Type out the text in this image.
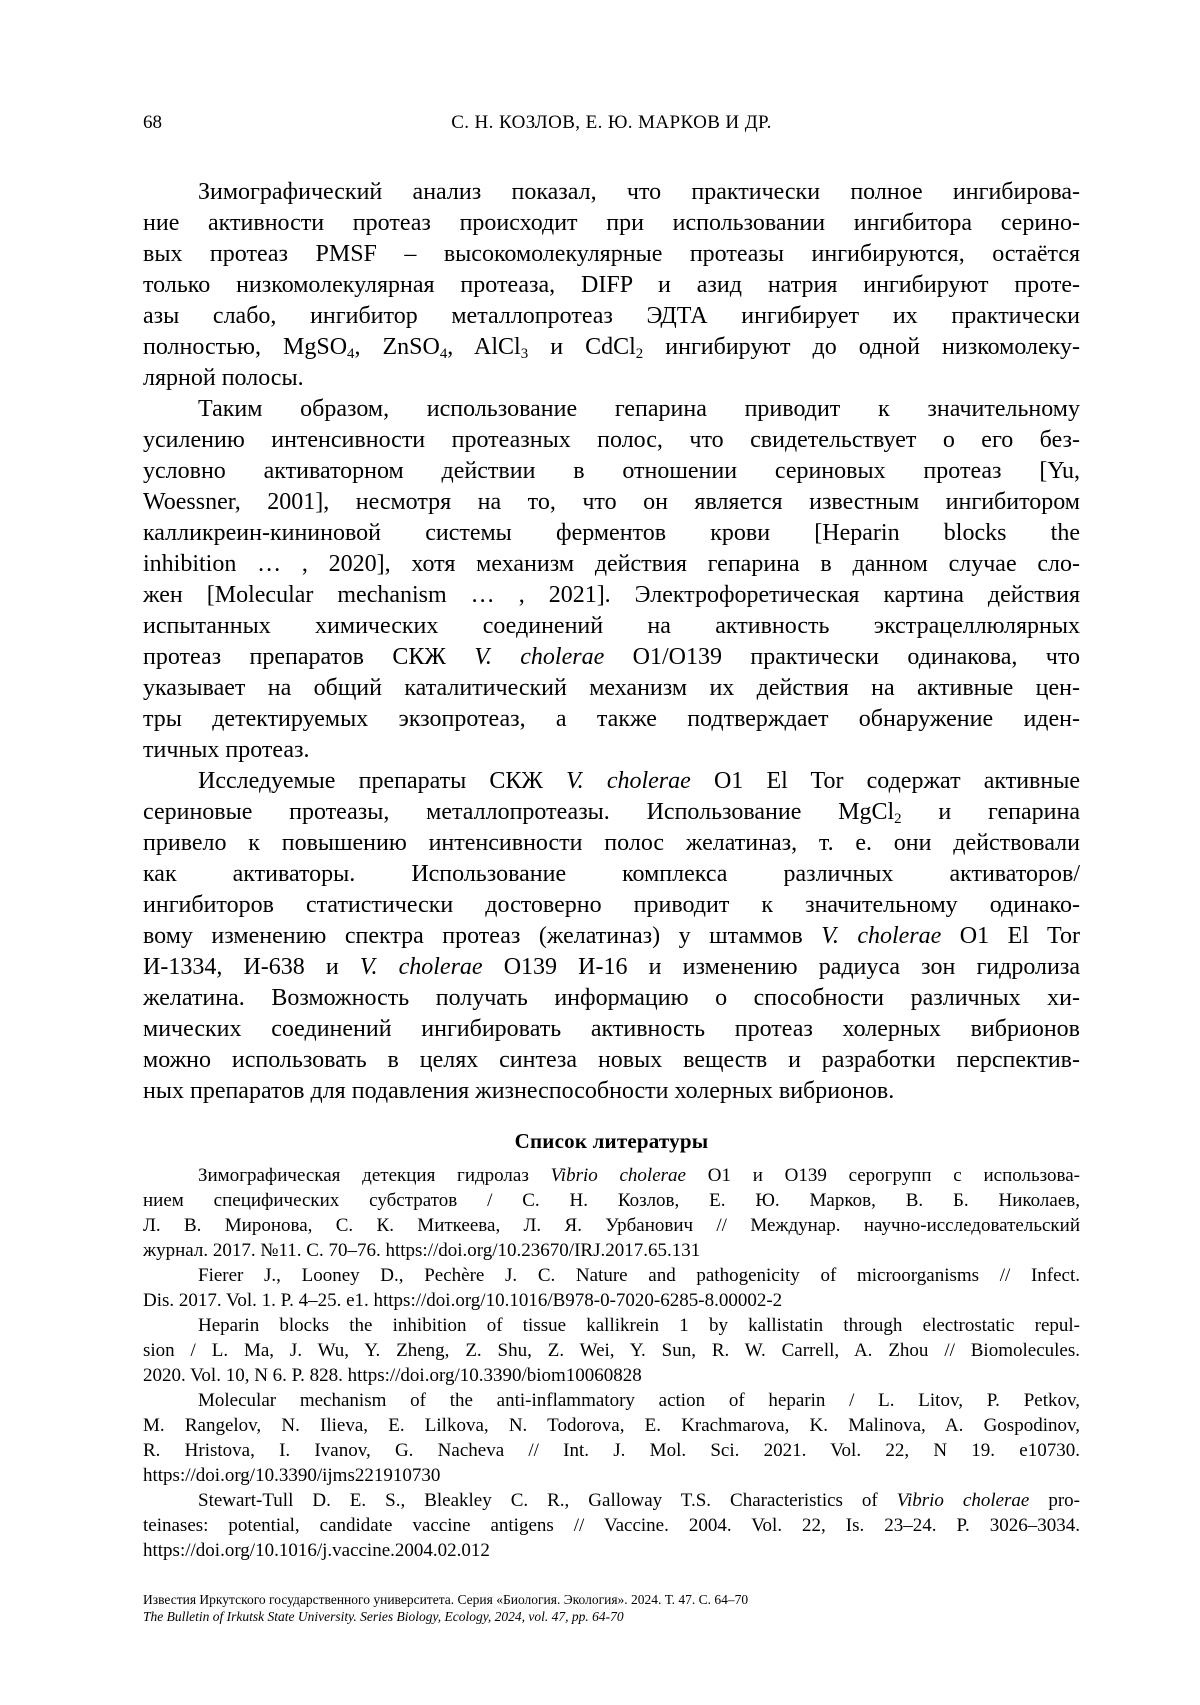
68	С. Н. КОЗЛОВ, Е. Ю. МАРКОВ И ДР.
Зимографический анализ показал, что практически полное ингибирова-
ние активности протеаз происходит при использовании ингибитора серино-
вых протеаз PMSF – высокомолекулярные протеазы ингибируются, остаётся
только низкомолекулярная протеаза, DIFP и азид натрия ингибируют проте-
азы слабо, ингибитор металлопротеаз ЭДТА ингибирует их практически
полностью, MgSO4, ZnSO4, AlCl3 и CdCl2 ингибируют до одной низкомолеку-
лярной полосы.
Таким образом, использование гепарина приводит к значительному
усилению интенсивности протеазных полос, что свидетельствует о его без-
условно активаторном действии в отношении сериновых протеаз [Yu,
Woessner, 2001], несмотря на то, что он является известным ингибитором
калликреин-кининовой системы ферментов крови [Heparin blocks the
inhibition … , 2020], хотя механизм действия гепарина в данном случае сло-
жен [Molecular mechanism … , 2021]. Электрофоретическая картина действия
испытанных химических соединений на активность экстрацеллюлярных
протеаз препаратов СКЖ V. cholerae О1/О139 практически одинакова, что
указывает на общий каталитический механизм их действия на активные цен-
тры детектируемых экзопротеаз, а также подтверждает обнаружение иден-
тичных протеаз.
Исследуемые препараты СКЖ V. cholerae О1 El Tor содержат активные
сериновые протеазы, металлопротеазы. Использование MgCl2 и гепарина
привело к повышению интенсивности полос желатиназ, т. е. они действовали
как активаторы. Использование комплекса различных активаторов/
ингибиторов статистически достоверно приводит к значительному одинако-
вому изменению спектра протеаз (желатиназ) у штаммов V. cholerae О1 El Tor
И-1334, И-638 и V. cholerae О139 И-16 и изменению радиуса зон гидролиза
желатина. Возможность получать информацию о способности различных хи-
мических соединений ингибировать активность протеаз холерных вибрионов
можно использовать в целях синтеза новых веществ и разработки перспектив-
ных препаратов для подавления жизнеспособности холерных вибрионов.
Список литературы
Зимографическая детекция гидролаз Vibrio cholerae О1 и О139 серогрупп с использова-
нием специфических субстратов / С. Н. Козлов, Е. Ю. Марков, В. Б. Николаев,
Л. В. Миронова, С. К. Миткеева, Л. Я. Урбанович // Междунар. научно-исследовательский
журнал. 2017. №11. С. 70–76. https://doi.org/10.23670/IRJ.2017.65.131
Fierer J., Looney D., Pechère J. C. Nature and pathogenicity of microorganisms // Infect.
Dis. 2017. Vol. 1. P. 4–25. e1. https://doi.org/10.1016/B978-0-7020-6285-8.00002-2
Heparin blocks the inhibition of tissue kallikrein 1 by kallistatin through electrostatic repul-
sion / L. Ma, J. Wu, Y. Zheng, Z. Shu, Z. Wei, Y. Sun, R. W. Carrell, A. Zhou // Biomolecules.
2020. Vol. 10, N 6. P. 828. https://doi.org/10.3390/biom10060828
Molecular mechanism of the anti-inflammatory action of heparin / L. Litov, P. Petkov,
M. Rangelov, N. Ilieva, E. Lilkova, N. Todorova, E. Krachmarova, K. Malinova, A. Gospodinov,
R. Hristova, I. Ivanov, G. Nacheva // Int. J. Mol. Sci. 2021. Vol. 22, N 19. e10730.
https://doi.org/10.3390/ijms221910730
Stewart-Tull D. E. S., Bleakley C. R., Galloway T.S. Characteristics of Vibrio cholerae pro-
teinases: potential, candidate vaccine antigens // Vaccine. 2004. Vol. 22, Is. 23–24. P. 3026–3034.
https://doi.org/10.1016/j.vaccine.2004.02.012
Известия Иркутского государственного университета. Серия «Биология. Экология». 2024. Т. 47. С. 64–70
The Bulletin of Irkutsk State University. Series Biology, Ecology, 2024, vol. 47, pp. 64-70
